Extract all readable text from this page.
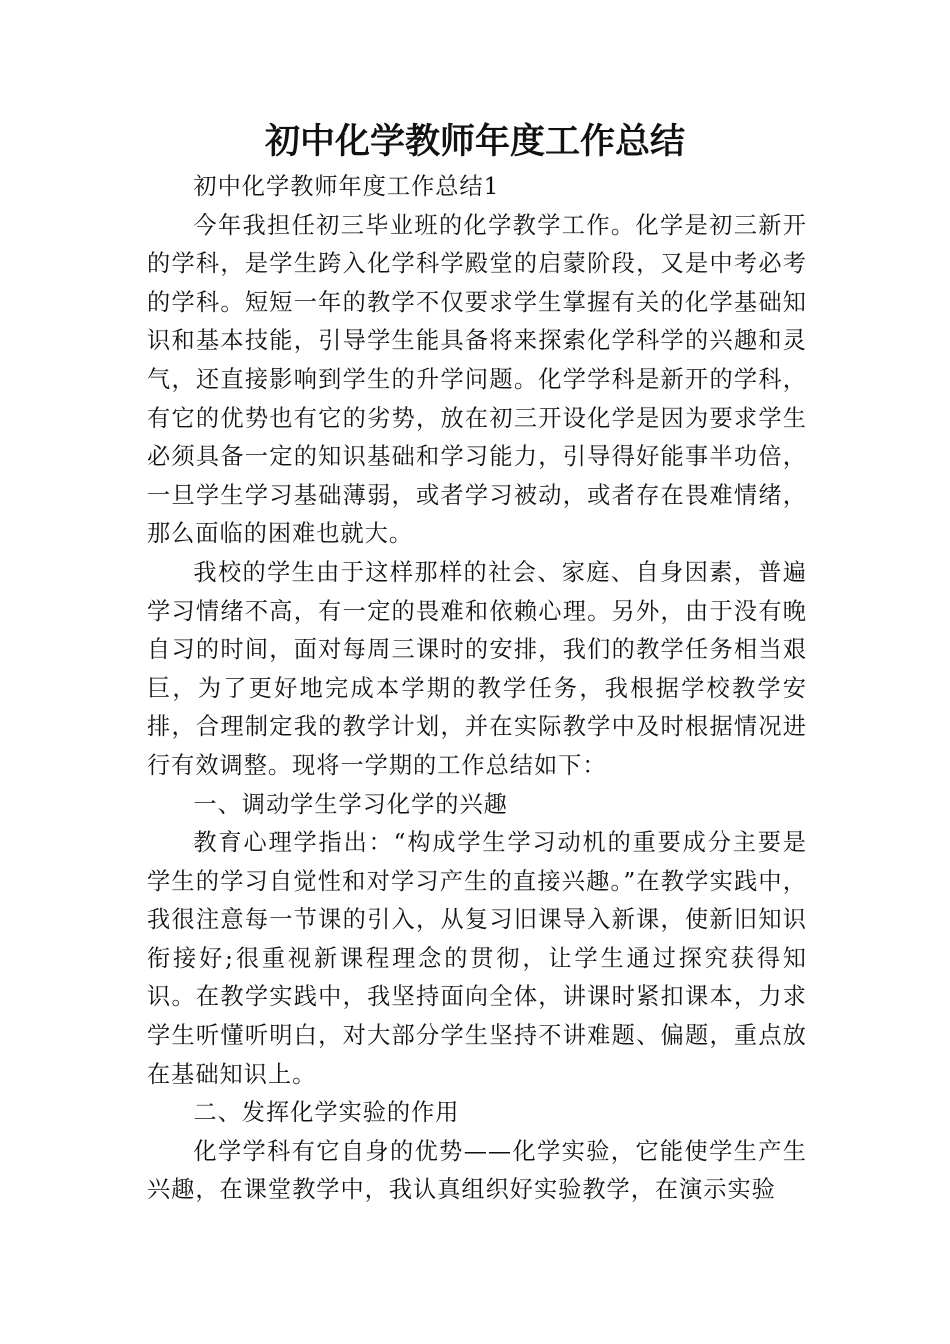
初中化学教师年度工作总结

初中化学教师年度工作总结1

今年我担任初三毕业班的化学教学工作。化学是初三新开的学科，是学生跨入化学科学殿堂的启蒙阶段，又是中考必考的学科。短短一年的教学不仅要求学生掌握有关的化学基础知识和基本技能，引导学生能具备将来探索化学科学的兴趣和灵气，还直接影响到学生的升学问题。化学学科是新开的学科，有它的优势也有它的劣势，放在初三开设化学是因为要求学生必须具备一定的知识基础和学习能力，引导得好能事半功倍，一旦学生学习基础薄弱，或者学习被动，或者存在畏难情绪，那么面临的困难也就大。

我校的学生由于这样那样的社会、家庭、自身因素，普遍学习情绪不高，有一定的畏难和依赖心理。另外，由于没有晚自习的时间，面对每周三课时的安排，我们的教学任务相当艰巨，为了更好地完成本学期的教学任务，我根据学校教学安排，合理制定我的教学计划，并在实际教学中及时根据情况进行有效调整。现将一学期的工作总结如下：

一、调动学生学习化学的兴趣

教育心理学指出：“构成学生学习动机的重要成分主要是学生的学习自觉性和对学习产生的直接兴趣。”在教学实践中，我很注意每一节课的引入，从复习旧课导入新课，使新旧知识衔接好;很重视新课程理念的贯彻，让学生通过探究获得知识。在教学实践中，我坚持面向全体，讲课时紧扣课本，力求学生听懂听明白，对大部分学生坚持不讲难题、偏题，重点放在基础知识上。

二、发挥化学实验的作用

化学学科有它自身的优势——化学实验，它能使学生产生兴趣，在课堂教学中，我认真组织好实验教学，在演示实验
